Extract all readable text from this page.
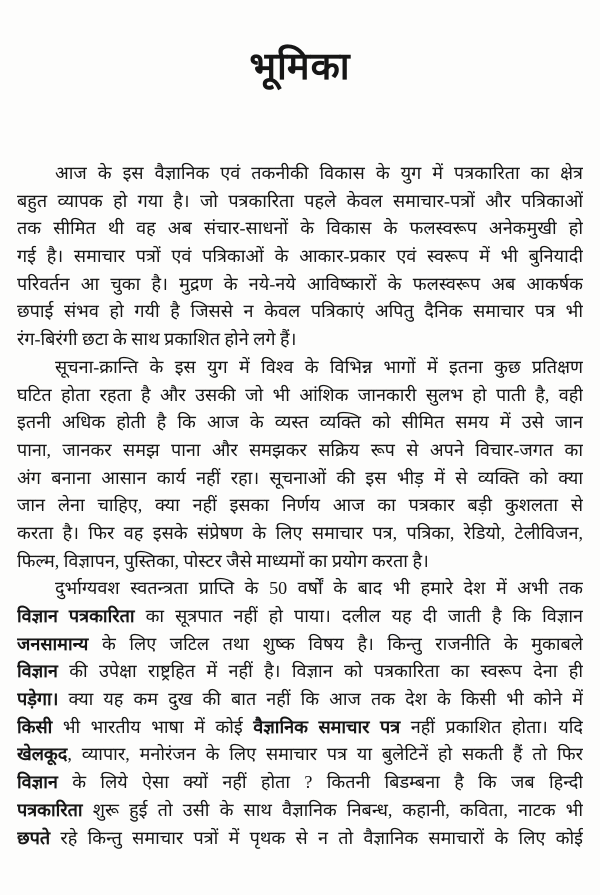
भूमिका
आज के इस वैज्ञानिक एवं तकनीकी विकास के युग में पत्रकारिता का क्षेत्र
बहुत व्यापक हो गया है। जो पत्रकारिता पहले केवल समाचार-पत्रों और पत्रिकाओं
तक सीमित थी वह अब संचार-साधनों के विकास के फलस्वरूप अनेकमुखी हो
गई है। समाचार पत्रों एवं पत्रिकाओं के आकार-प्रकार एवं स्वरूप में भी बुनियादी
परिवर्तन आ चुका है। मुद्रण के नये-नये आविष्कारों के फलस्वरूप अब आकर्षक
छपाई संभव हो गयी है जिससे न केवल पत्रिकाएं अपितु दैनिक समाचार पत्र भी
रंग-बिरंगी छटा के साथ प्रकाशित होने लगे हैं।
सूचना-क्रान्ति के इस युग में विश्व के विभिन्न भागों में इतना कुछ प्रतिक्षण
घटित होता रहता है और उसकी जो भी आंशिक जानकारी सुलभ हो पाती है, वही
इतनी अधिक होती है कि आज के व्यस्त व्यक्ति को सीमित समय में उसे जान
पाना, जानकर समझ पाना और समझकर सक्रिय रूप से अपने विचार-जगत का
अंग बनाना आसान कार्य नहीं रहा। सूचनाओं की इस भीड़ में से व्यक्ति को क्या
जान लेना चाहिए, क्या नहीं इसका निर्णय आज का पत्रकार बड़ी कुशलता से
करता है। फिर वह इसके संप्रेषण के लिए समाचार पत्र, पत्रिका, रेडियो, टेलीविजन,
फिल्म, विज्ञापन, पुस्तिका, पोस्टर जैसे माध्यमों का प्रयोग करता है।
दुर्भाग्यवश स्वतन्त्रता प्राप्ति के 50 वर्षों के बाद भी हमारे देश में अभी तक
विज्ञान पत्रकारिता का सूत्रपात नहीं हो पाया। दलील यह दी जाती है कि विज्ञान
जनसामान्य के लिए जटिल तथा शुष्क विषय है। किन्तु राजनीति के मुकाबले
विज्ञान की उपेक्षा राष्ट्रहित में नहीं है। विज्ञान को पत्रकारिता का स्वरूप देना ही
पड़ेगा। क्या यह कम दुख की बात नहीं कि आज तक देश के किसी भी कोने में
किसी भी भारतीय भाषा में कोई वैज्ञानिक समाचार पत्र नहीं प्रकाशित होता। यदि
खेलकूद, व्यापार, मनोरंजन के लिए समाचार पत्र या बुलेटिनें हो सकती हैं तो फिर
विज्ञान के लिये ऐसा क्यों नहीं होता ? कितनी बिडम्बना है कि जब हिन्दी
पत्रकारिता शुरू हुई तो उसी के साथ वैज्ञानिक निबन्ध, कहानी, कविता, नाटक भी
छपते रहे किन्तु समाचार पत्रों में पृथक से न तो वैज्ञानिक समाचारों के लिए कोई
